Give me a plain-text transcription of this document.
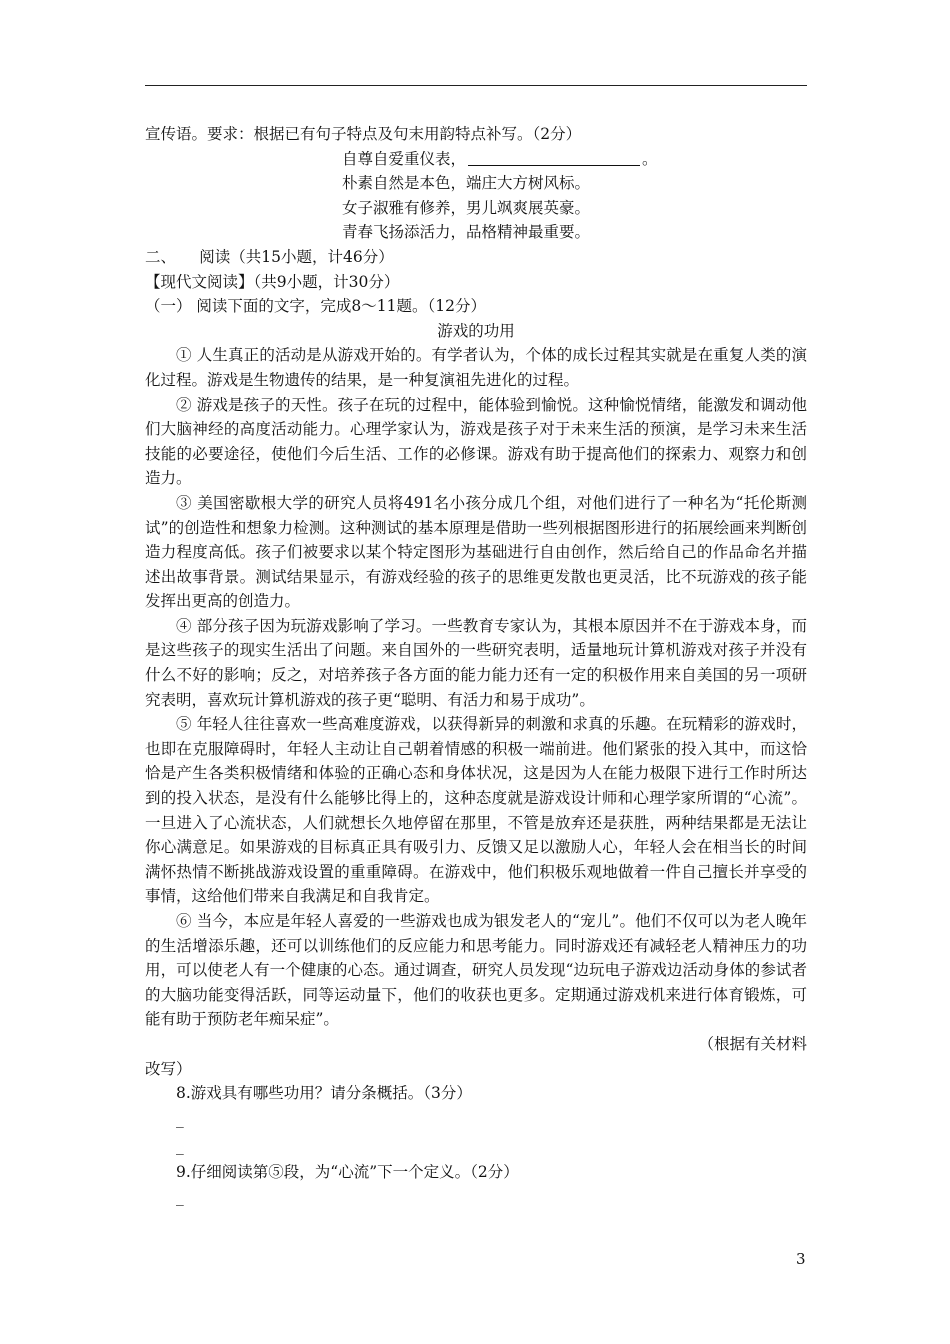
宣传语。要求：根据已有句子特点及句末用韵特点补写。（2分）
自尊自爱重仪表，	。
朴素自然是本色，端庄大方树风标。
女子淑雅有修养，男儿飒爽展英豪。
青春飞扬添活力，品格精神最重要。
二、　　阅读（共15小题，计46分）
【现代文阅读】（共9小题，计30分）
（一） 阅读下面的文字，完成8～11题。（12分）
游戏的功用

① 人生真正的活动是从游戏开始的。有学者认为，个体的成长过程其实就是在重复人类的演化过程。游戏是生物遗传的结果，是一种复演祖先进化的过程。

② 游戏是孩子的天性。孩子在玩的过程中，能体验到愉悦。这种愉悦情绪，能激发和调动他们大脑神经的高度活动能力。心理学家认为，游戏是孩子对于未来生活的预演，是学习未来生活技能的必要途径，使他们今后生活、工作的必修课。游戏有助于提高他们的探索力、观察力和创造力。

③ 美国密歇根大学的研究人员将491名小孩分成几个组，对他们进行了一种名为“托伦斯测试”的创造性和想象力检测。这种测试的基本原理是借助一些列根据图形进行的拓展绘画来判断创造力程度高低。孩子们被要求以某个特定图形为基础进行自由创作，然后给自己的作品命名并描述出故事背景。测试结果显示，有游戏经验的孩子的思维更发散也更灵活，比不玩游戏的孩子能发挥出更高的创造力。

④ 部分孩子因为玩游戏影响了学习。一些教育专家认为，其根本原因并不在于游戏本身，而是这些孩子的现实生活出了问题。来自国外的一些研究表明，适量地玩计算机游戏对孩子并没有什么不好的影响；反之，对培养孩子各方面的能力能力还有一定的积极作用来自美国的另一项研究表明，喜欢玩计算机游戏的孩子更“聪明、有活力和易于成功”。

⑤ 年轻人往往喜欢一些高难度游戏，以获得新异的刺激和求真的乐趣。在玩精彩的游戏时，也即在克服障碍时，年轻人主动让自己朝着情感的积极一端前进。他们紧张的投入其中，而这恰恰是产生各类积极情绪和体验的正确心态和身体状况，这是因为人在能力极限下进行工作时所达到的投入状态，是没有什么能够比得上的，这种态度就是游戏设计师和心理学家所谓的“心流”。一旦进入了心流状态，人们就想长久地停留在那里，不管是放弃还是获胜，两种结果都是无法让你心满意足。如果游戏的目标真正具有吸引力、反馈又足以激励人心，年轻人会在相当长的时间满怀热情不断挑战游戏设置的重重障碍。在游戏中，他们积极乐观地做着一件自己擅长并享受的事情，这给他们带来自我满足和自我肯定。

⑥ 当今，本应是年轻人喜爱的一些游戏也成为银发老人的“宠儿”。他们不仅可以为老人晚年的生活增添乐趣，还可以训练他们的反应能力和思考能力。同时游戏还有减轻老人精神压力的功用，可以使老人有一个健康的心态。通过调查，研究人员发现“边玩电子游戏边活动身体的参试者的大脑功能变得活跃，同等运动量下，他们的收获也更多。定期通过游戏机来进行体育锻炼，可能有助于预防老年痴呆症”。

（根据有关材料
改写）
8.游戏具有哪些功用？请分条概括。（3分）
_
_
9.仔细阅读第⑤段，为“心流”下一个定义。（2分）
_
3
